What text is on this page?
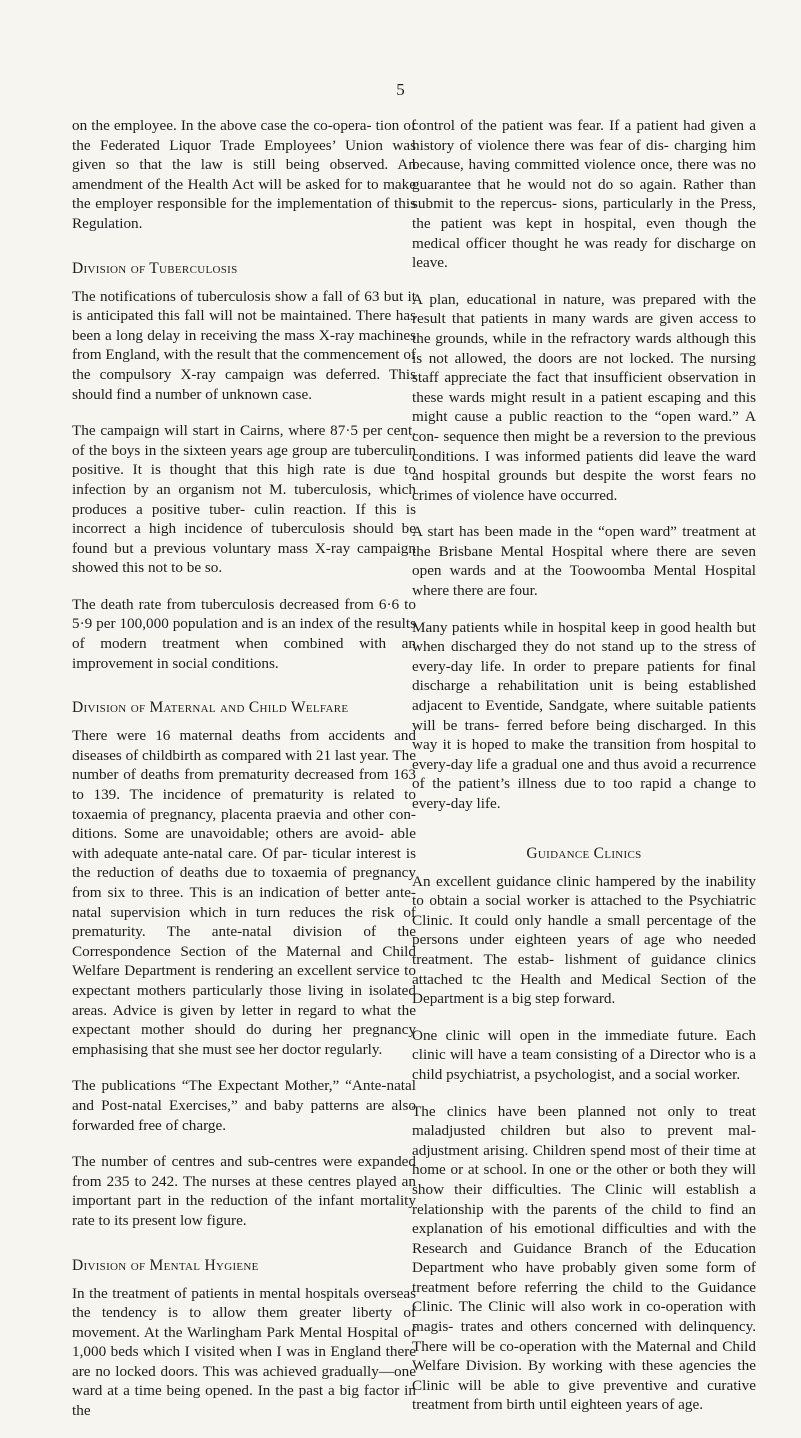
5

on the employee. In the above case the co-opera- tion of the Federated Liquor Trade Employees’ Union was given so that the law is still being observed. An amendment of the Health Act will be asked for to make the employer responsible for the implementation of this Regulation.

Division of Tuberculosis

The notifications of tuberculosis show a fall of 63 but it is anticipated this fall will not be maintained. There has been a long delay in receiving the mass X-ray machines from England, with the result that the commencement of the compulsory X-ray campaign was deferred. This should find a number of unknown case.

The campaign will start in Cairns, where 87·5 per cent. of the boys in the sixteen years age group are tuberculin positive. It is thought that this high rate is due to infection by an organism not M. tuberculosis, which produces a positive tuber- culin reaction. If this is incorrect a high incidence of tuberculosis should be found but a previous voluntary mass X-ray campaign showed this not to be so.

The death rate from tuberculosis decreased from 6·6 to 5·9 per 100,000 population and is an index of the results of modern treatment when combined with an improvement in social conditions.

Division of Maternal and Child Welfare

There were 16 maternal deaths from accidents and diseases of childbirth as compared with 21 last year. The number of deaths from prematurity decreased from 163 to 139. The incidence of prematurity is related to toxaemia of pregnancy, placenta praevia and other con- ditions. Some are unavoidable; others are avoid- able with adequate ante-natal care. Of par- ticular interest is the reduction of deaths due to toxaemia of pregnancy from six to three. This is an indication of better ante-natal supervision which in turn reduces the risk of prematurity. The ante-natal division of the Correspondence Section of the Maternal and Child Welfare Department is rendering an excellent service to expectant mothers particularly those living in isolated areas. Advice is given by letter in regard to what the expectant mother should do during her pregnancy emphasising that she must see her doctor regularly.

The publications “The Expectant Mother,” “Ante-natal and Post-natal Exercises,” and baby patterns are also forwarded free of charge.

The number of centres and sub-centres were expanded from 235 to 242. The nurses at these centres played an important part in the reduction of the infant mortality rate to its present low figure.

Division of Mental Hygiene

In the treatment of patients in mental hospitals overseas the tendency is to allow them greater liberty of movement. At the Warlingham Park Mental Hospital of 1,000 beds which I visited when I was in England there are no locked doors. This was achieved gradually—one ward at a time being opened. In the past a big factor in the

control of the patient was fear. If a patient had given a history of violence there was fear of dis- charging him because, having committed violence once, there was no guarantee that he would not do so again. Rather than submit to the repercus- sions, particularly in the Press, the patient was kept in hospital, even though the medical officer thought he was ready for discharge on leave.

A plan, educational in nature, was prepared with the result that patients in many wards are given access to the grounds, while in the refractory wards although this is not allowed, the doors are not locked. The nursing staff appreciate the fact that insufficient observation in these wards might result in a patient escaping and this might cause a public reaction to the “open ward.” A con- sequence then might be a reversion to the previous conditions. I was informed patients did leave the ward and hospital grounds but despite the worst fears no crimes of violence have occurred.

A start has been made in the “open ward” treatment at the Brisbane Mental Hospital where there are seven open wards and at the Toowoomba Mental Hospital where there are four.

Many patients while in hospital keep in good health but when discharged they do not stand up to the stress of every-day life. In order to prepare patients for final discharge a rehabilitation unit is being established adjacent to Eventide, Sandgate, where suitable patients will be trans- ferred before being discharged. In this way it is hoped to make the transition from hospital to every-day life a gradual one and thus avoid a recurrence of the patient’s illness due to too rapid a change to every-day life.

Guidance Clinics

An excellent guidance clinic hampered by the inability to obtain a social worker is attached to the Psychiatric Clinic. It could only handle a small percentage of the persons under eighteen years of age who needed treatment. The estab- lishment of guidance clinics attached tc the Health and Medical Section of the Department is a big step forward.

One clinic will open in the immediate future. Each clinic will have a team consisting of a Director who is a child psychiatrist, a psychologist, and a social worker.

The clinics have been planned not only to treat maladjusted children but also to prevent mal- adjustment arising. Children spend most of their time at home or at school. In one or the other or both they will show their difficulties. The Clinic will establish a relationship with the parents of the child to find an explanation of his emotional difficulties and with the Research and Guidance Branch of the Education Department who have probably given some form of treatment before referring the child to the Guidance Clinic. The Clinic will also work in co-operation with magis- trates and others concerned with delinquency. There will be co-operation with the Maternal and Child Welfare Division. By working with these agencies the Clinic will be able to give preventive and curative treatment from birth until eighteen years of age.
